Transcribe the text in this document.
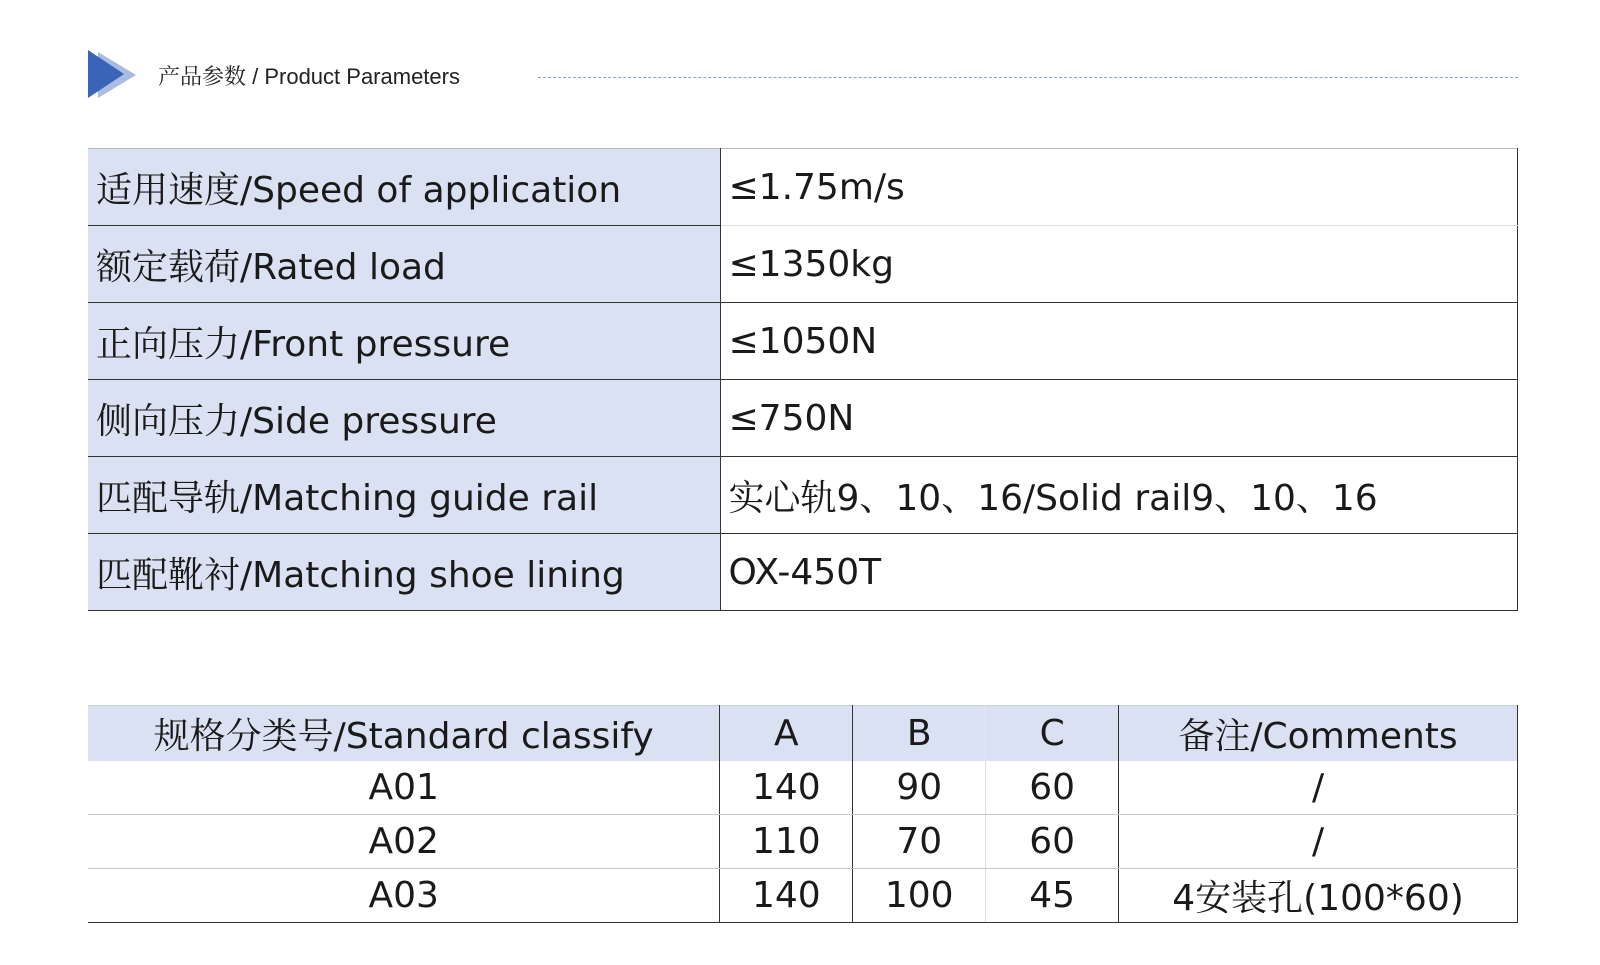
产品参数 / Product Parameters
适用速度/Speed of application	≤1.75m/s
额定载荷/Rated load	≤1350kg
正向压力/Front pressure	≤1050N
侧向压力/Side pressure	≤750N
匹配导轨/Matching guide rail	实心轨9、10、16/Solid rail9、10、16
匹配靴衬/Matching shoe lining	OX-450T
规格分类号/Standard classify	A	B	C	备注/Comments
A01	140	90	60	/
A02	110	70	60	/
A03	140	100	45	4安装孔(100*60)
